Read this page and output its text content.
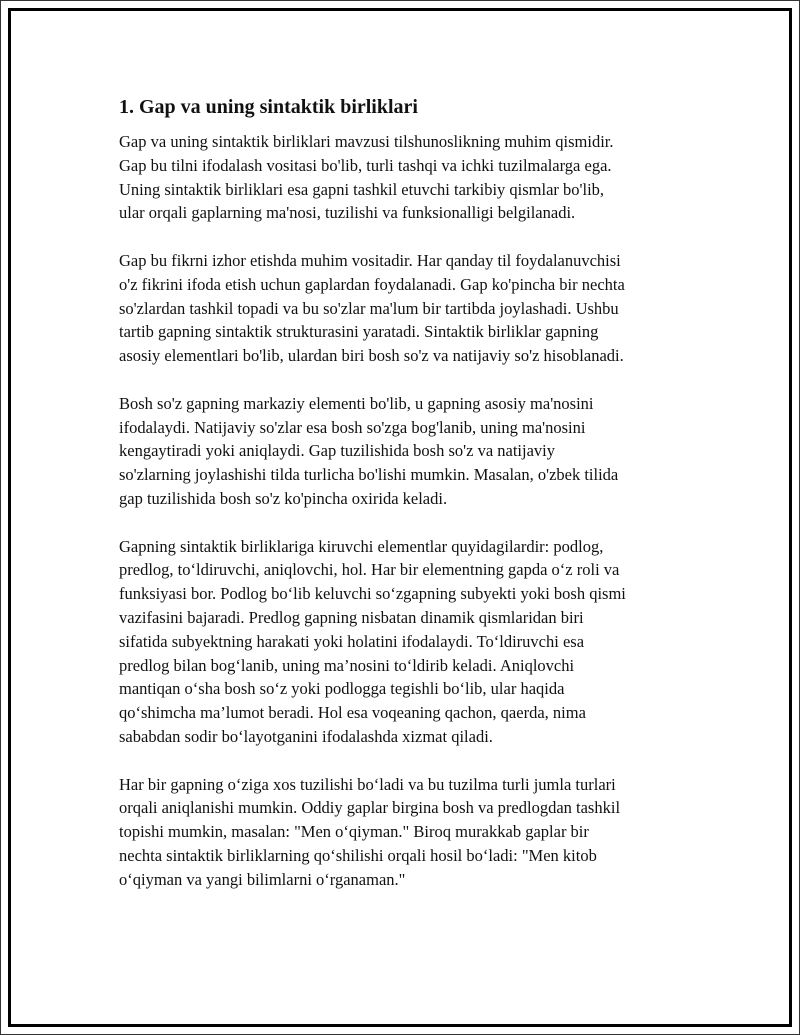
1. Gap va uning sintaktik birliklari

Gap va uning sintaktik birliklari mavzusi tilshunoslikning muhim qismidir.
Gap bu tilni ifodalash vositasi bo'lib, turli tashqi va ichki tuzilmalarga ega.
Uning sintaktik birliklari esa gapni tashkil etuvchi tarkibiy qismlar bo'lib,
ular orqali gaplarning ma'nosi, tuzilishi va funksionalligi belgilanadi.

Gap bu fikrni izhor etishda muhim vositadir. Har qanday til foydalanuvchisi
o'z fikrini ifoda etish uchun gaplardan foydalanadi. Gap ko'pincha bir nechta
so'zlardan tashkil topadi va bu so'zlar ma'lum bir tartibda joylashadi. Ushbu
tartib gapning sintaktik strukturasini yaratadi. Sintaktik birliklar gapning
asosiy elementlari bo'lib, ulardan biri bosh so'z va natijaviy so'z hisoblanadi.

Bosh so'z gapning markaziy elementi bo'lib, u gapning asosiy ma'nosini
ifodalaydi. Natijaviy so'zlar esa bosh so'zga bog'lanib, uning ma'nosini
kengaytiradi yoki aniqlaydi. Gap tuzilishida bosh so'z va natijaviy
so'zlarning joylashishi tilda turlicha bo'lishi mumkin. Masalan, o'zbek tilida
gap tuzilishida bosh so'z ko'pincha oxirida keladi.

Gapning sintaktik birliklariga kiruvchi elementlar quyidagilardir: podlog,
predlog, to‘ldiruvchi, aniqlovchi, hol. Har bir elementning gapda o‘z roli va
funksiyasi bor. Podlog bo‘lib keluvchi so‘zgapning subyekti yoki bosh qismi
vazifasini bajaradi. Predlog gapning nisbatan dinamik qismlaridan biri
sifatida subyektning harakati yoki holatini ifodalaydi. To‘ldiruvchi esa
predlog bilan bog‘lanib, uning ma’nosini to‘ldirib keladi. Aniqlovchi
mantiqan o‘sha bosh so‘z yoki podlogga tegishli bo‘lib, ular haqida
qo‘shimcha ma’lumot beradi. Hol esa voqeaning qachon, qaerda, nima
sababdan sodir bo‘layotganini ifodalashda xizmat qiladi.

Har bir gapning o‘ziga xos tuzilishi bo‘ladi va bu tuzilma turli jumla turlari
orqali aniqlanishi mumkin. Oddiy gaplar birgina bosh va predlogdan tashkil
topishi mumkin, masalan: "Men o‘qiyman." Biroq murakkab gaplar bir
nechta sintaktik birliklarning qo‘shilishi orqali hosil bo‘ladi: "Men kitob
o‘qiyman va yangi bilimlarni o‘rganaman."
